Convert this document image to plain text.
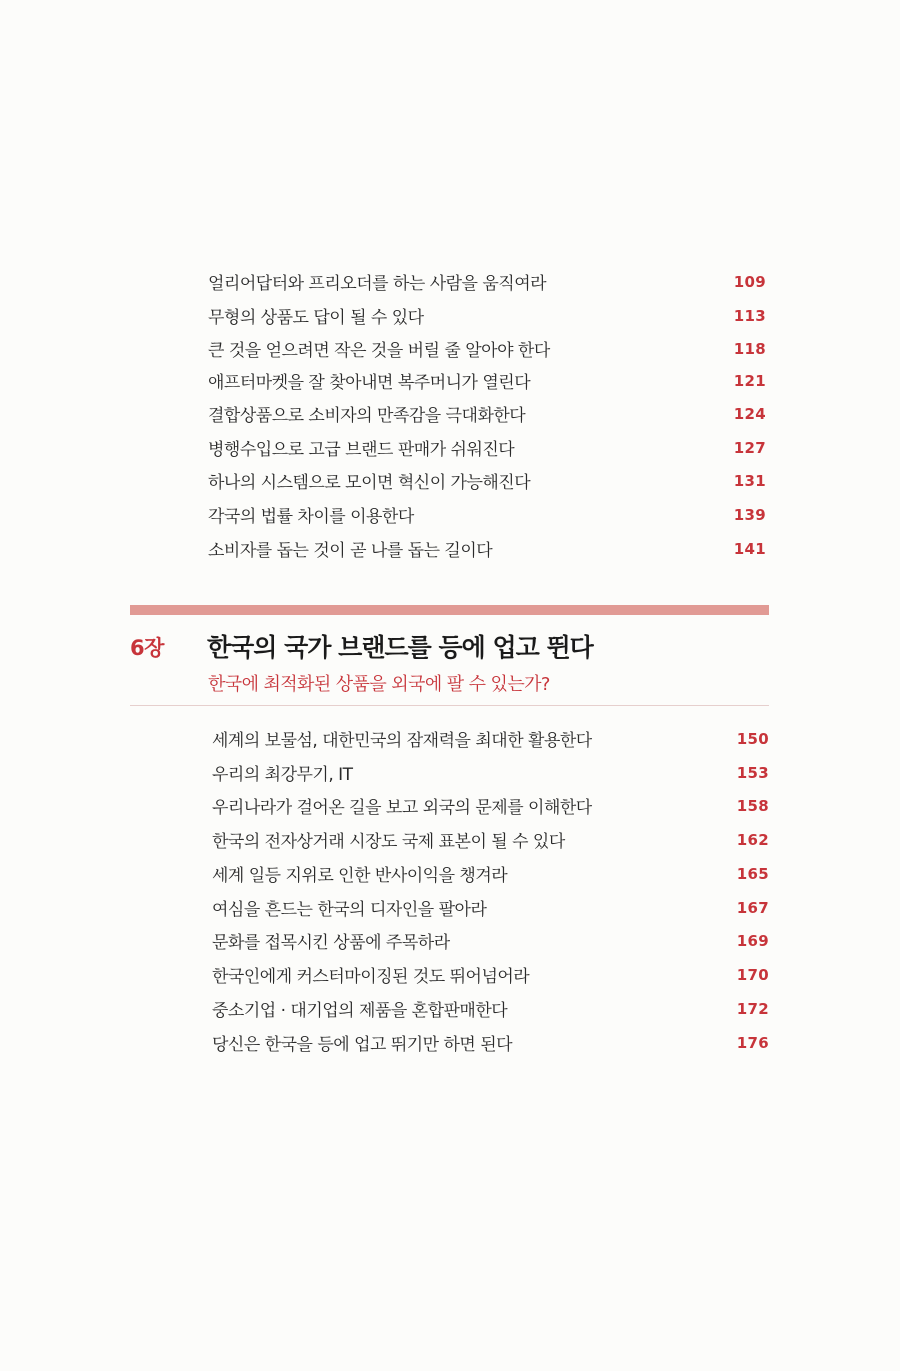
얼리어답터와 프리오더를 하는 사람을 움직여라	109
무형의 상품도 답이 될 수 있다	113
큰 것을 얻으려면 작은 것을 버릴 줄 알아야 한다	118
애프터마켓을 잘 찾아내면 복주머니가 열린다	121
결합상품으로 소비자의 만족감을 극대화한다	124
병행수입으로 고급 브랜드 판매가 쉬워진다	127
하나의 시스템으로 모이면 혁신이 가능해진다	131
각국의 법률 차이를 이용한다	139
소비자를 돕는 것이 곧 나를 돕는 길이다	141
6장 한국의 국가 브랜드를 등에 업고 뛴다
한국에 최적화된 상품을 외국에 팔 수 있는가?
세계의 보물섬, 대한민국의 잠재력을 최대한 활용한다	150
우리의 최강무기, IT	153
우리나라가 걸어온 길을 보고 외국의 문제를 이해한다	158
한국의 전자상거래 시장도 국제 표본이 될 수 있다	162
세계 일등 지위로 인한 반사이익을 챙겨라	165
여심을 흔드는 한국의 디자인을 팔아라	167
문화를 접목시킨 상품에 주목하라	169
한국인에게 커스터마이징된 것도 뛰어넘어라	170
중소기업 · 대기업의 제품을 혼합판매한다	172
당신은 한국을 등에 업고 뛰기만 하면 된다	176
